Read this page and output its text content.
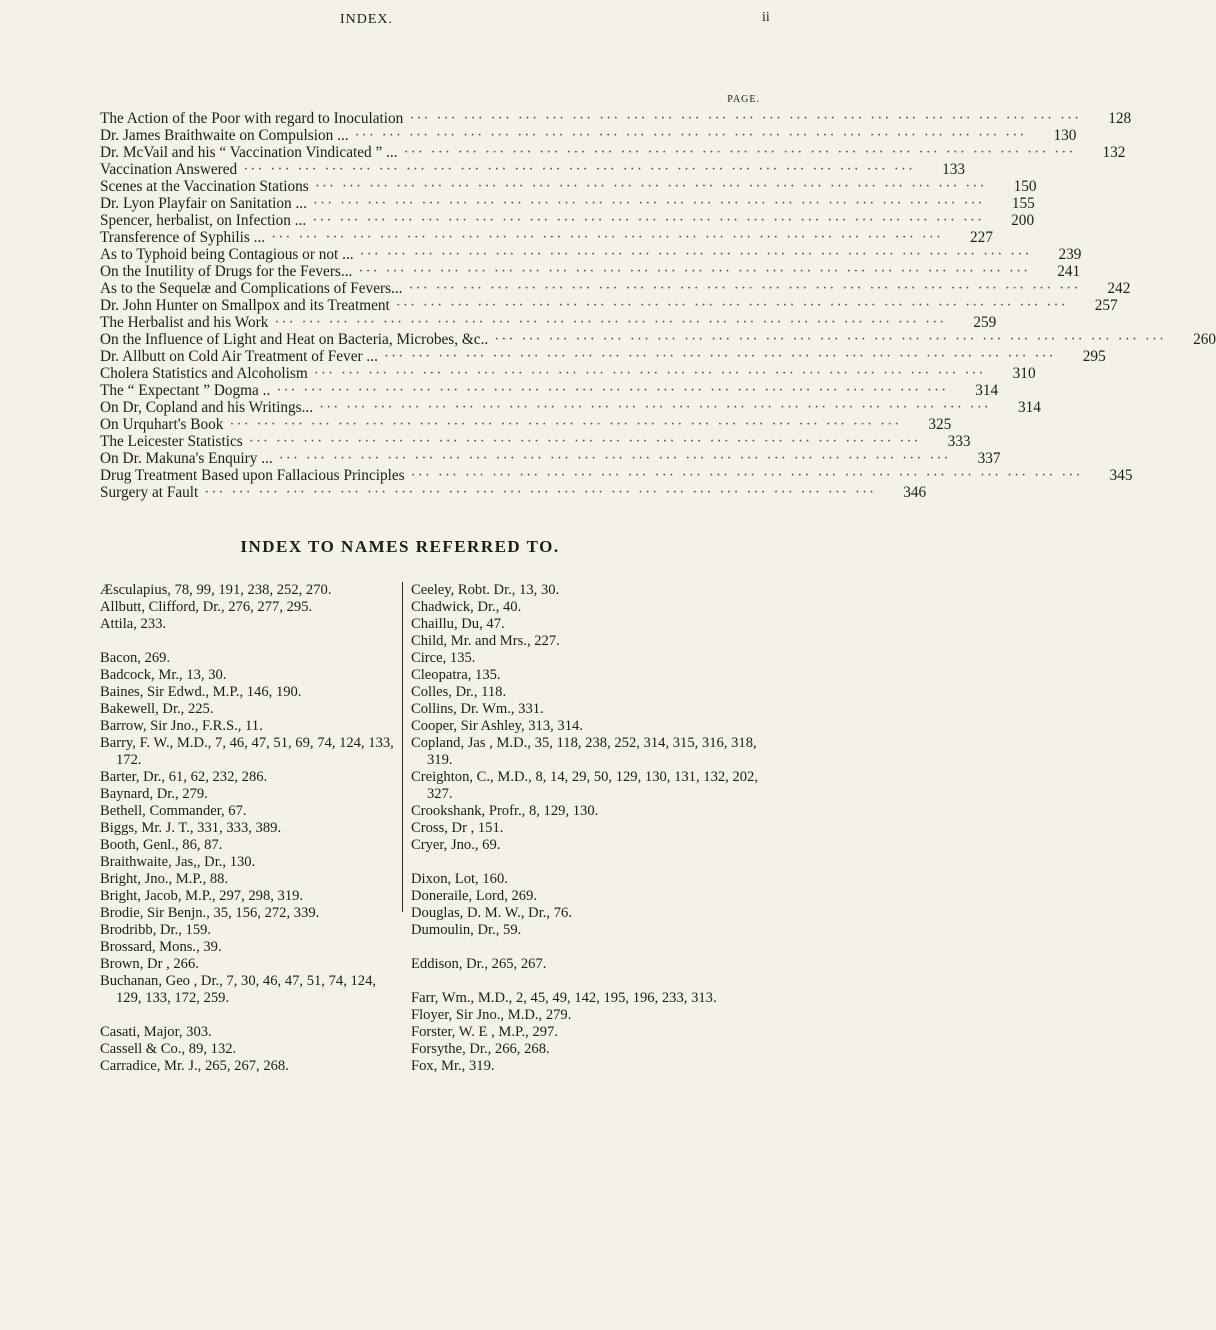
INDEX.	ii
PAGE.
The Action of the Poor with regard to Inoculation ··· ·	128
Dr. James Braithwaite on Compulsion ... ··· ·	130
Dr. McVail and his “ Vaccination Vindicated ” ... ··· ·	132
Vaccination Answered ··· ·	133
Scenes at the Vaccination Stations ··· ·	150
Dr. Lyon Playfair on Sanitation ... ··· ·	155
Spencer, herbalist, on Infection ... ··· ·	200
Transference of Syphilis ... ··· ·	227
As to Typhoid being Contagious or not ... ··· ·	239
On the Inutility of Drugs for the Fevers... ··· ·	241
As to the Sequelæ and Complications of Fevers... ··· ·	242
Dr. John Hunter on Smallpox and its Treatment ··· ·	257
The Herbalist and his Work ··· ·	259
On the Influence of Light and Heat on Bacteria, Microbes, &c.. ··· ·	260
Dr. Allbutt on Cold Air Treatment of Fever ... ··· ·	295
Cholera Statistics and Alcoholism ··· ·	310
The “ Expectant ” Dogma .. ··· ·	314
On Dr, Copland and his Writings... ··· ·	314
On Urquhart's Book ··· ·	325
The Leicester Statistics ··· ·	333
On Dr. Makuna's Enquiry ... ··· ·	337
Drug Treatment Based upon Fallacious Principles ··· ·	345
Surgery at Fault ··· ·	346
INDEX TO NAMES REFERRED TO.
Æsculapius, 78, 99, 191, 238, 252, 270.
Allbutt, Clifford, Dr., 276, 277, 295.
Attila, 233.
Bacon, 269.
Badcock, Mr., 13, 30.
Baines, Sir Edwd., M.P., 146, 190.
Bakewell, Dr., 225.
Barrow, Sir Jno., F.R.S., 11.
Barry, F. W., M.D., 7, 46, 47, 51, 69, 74, 124, 133, 172.
Barter, Dr., 61, 62, 232, 286.
Baynard, Dr., 279.
Bethell, Commander, 67.
Biggs, Mr. J. T., 331, 333, 389.
Booth, Genl., 86, 87.
Braithwaite, Jas,, Dr., 130.
Bright, Jno., M.P., 88.
Bright, Jacob, M.P., 297, 298, 319.
Brodie, Sir Benjn., 35, 156, 272, 339.
Brodribb, Dr., 159.
Brossard, Mons., 39.
Brown, Dr , 266.
Buchanan, Geo , Dr., 7, 30, 46, 47, 51, 74, 124, 129, 133, 172, 259.
Casati, Major, 303.
Cassell & Co., 89, 132.
Carradice, Mr. J., 265, 267, 268.
Ceeley, Robt. Dr., 13, 30.
Chadwick, Dr., 40.
Chaillu, Du, 47.
Child, Mr. and Mrs., 227.
Circe, 135.
Cleopatra, 135.
Colles, Dr., 118.
Collins, Dr. Wm., 331.
Cooper, Sir Ashley, 313, 314.
Copland, Jas , M.D., 35, 118, 238, 252, 314, 315, 316, 318, 319.
Creighton, C., M.D., 8, 14, 29, 50, 129, 130, 131, 132, 202, 327.
Crookshank, Profr., 8, 129, 130.
Cross, Dr , 151.
Cryer, Jno., 69.
Dixon, Lot, 160.
Doneraile, Lord, 269.
Douglas, D. M. W., Dr., 76.
Dumoulin, Dr., 59.
Eddison, Dr., 265, 267.
Farr, Wm., M.D., 2, 45, 49, 142, 195, 196, 233, 313.
Floyer, Sir Jno., M.D., 279.
Forster, W. E , M.P., 297.
Forsythe, Dr., 266, 268.
Fox, Mr., 319.
